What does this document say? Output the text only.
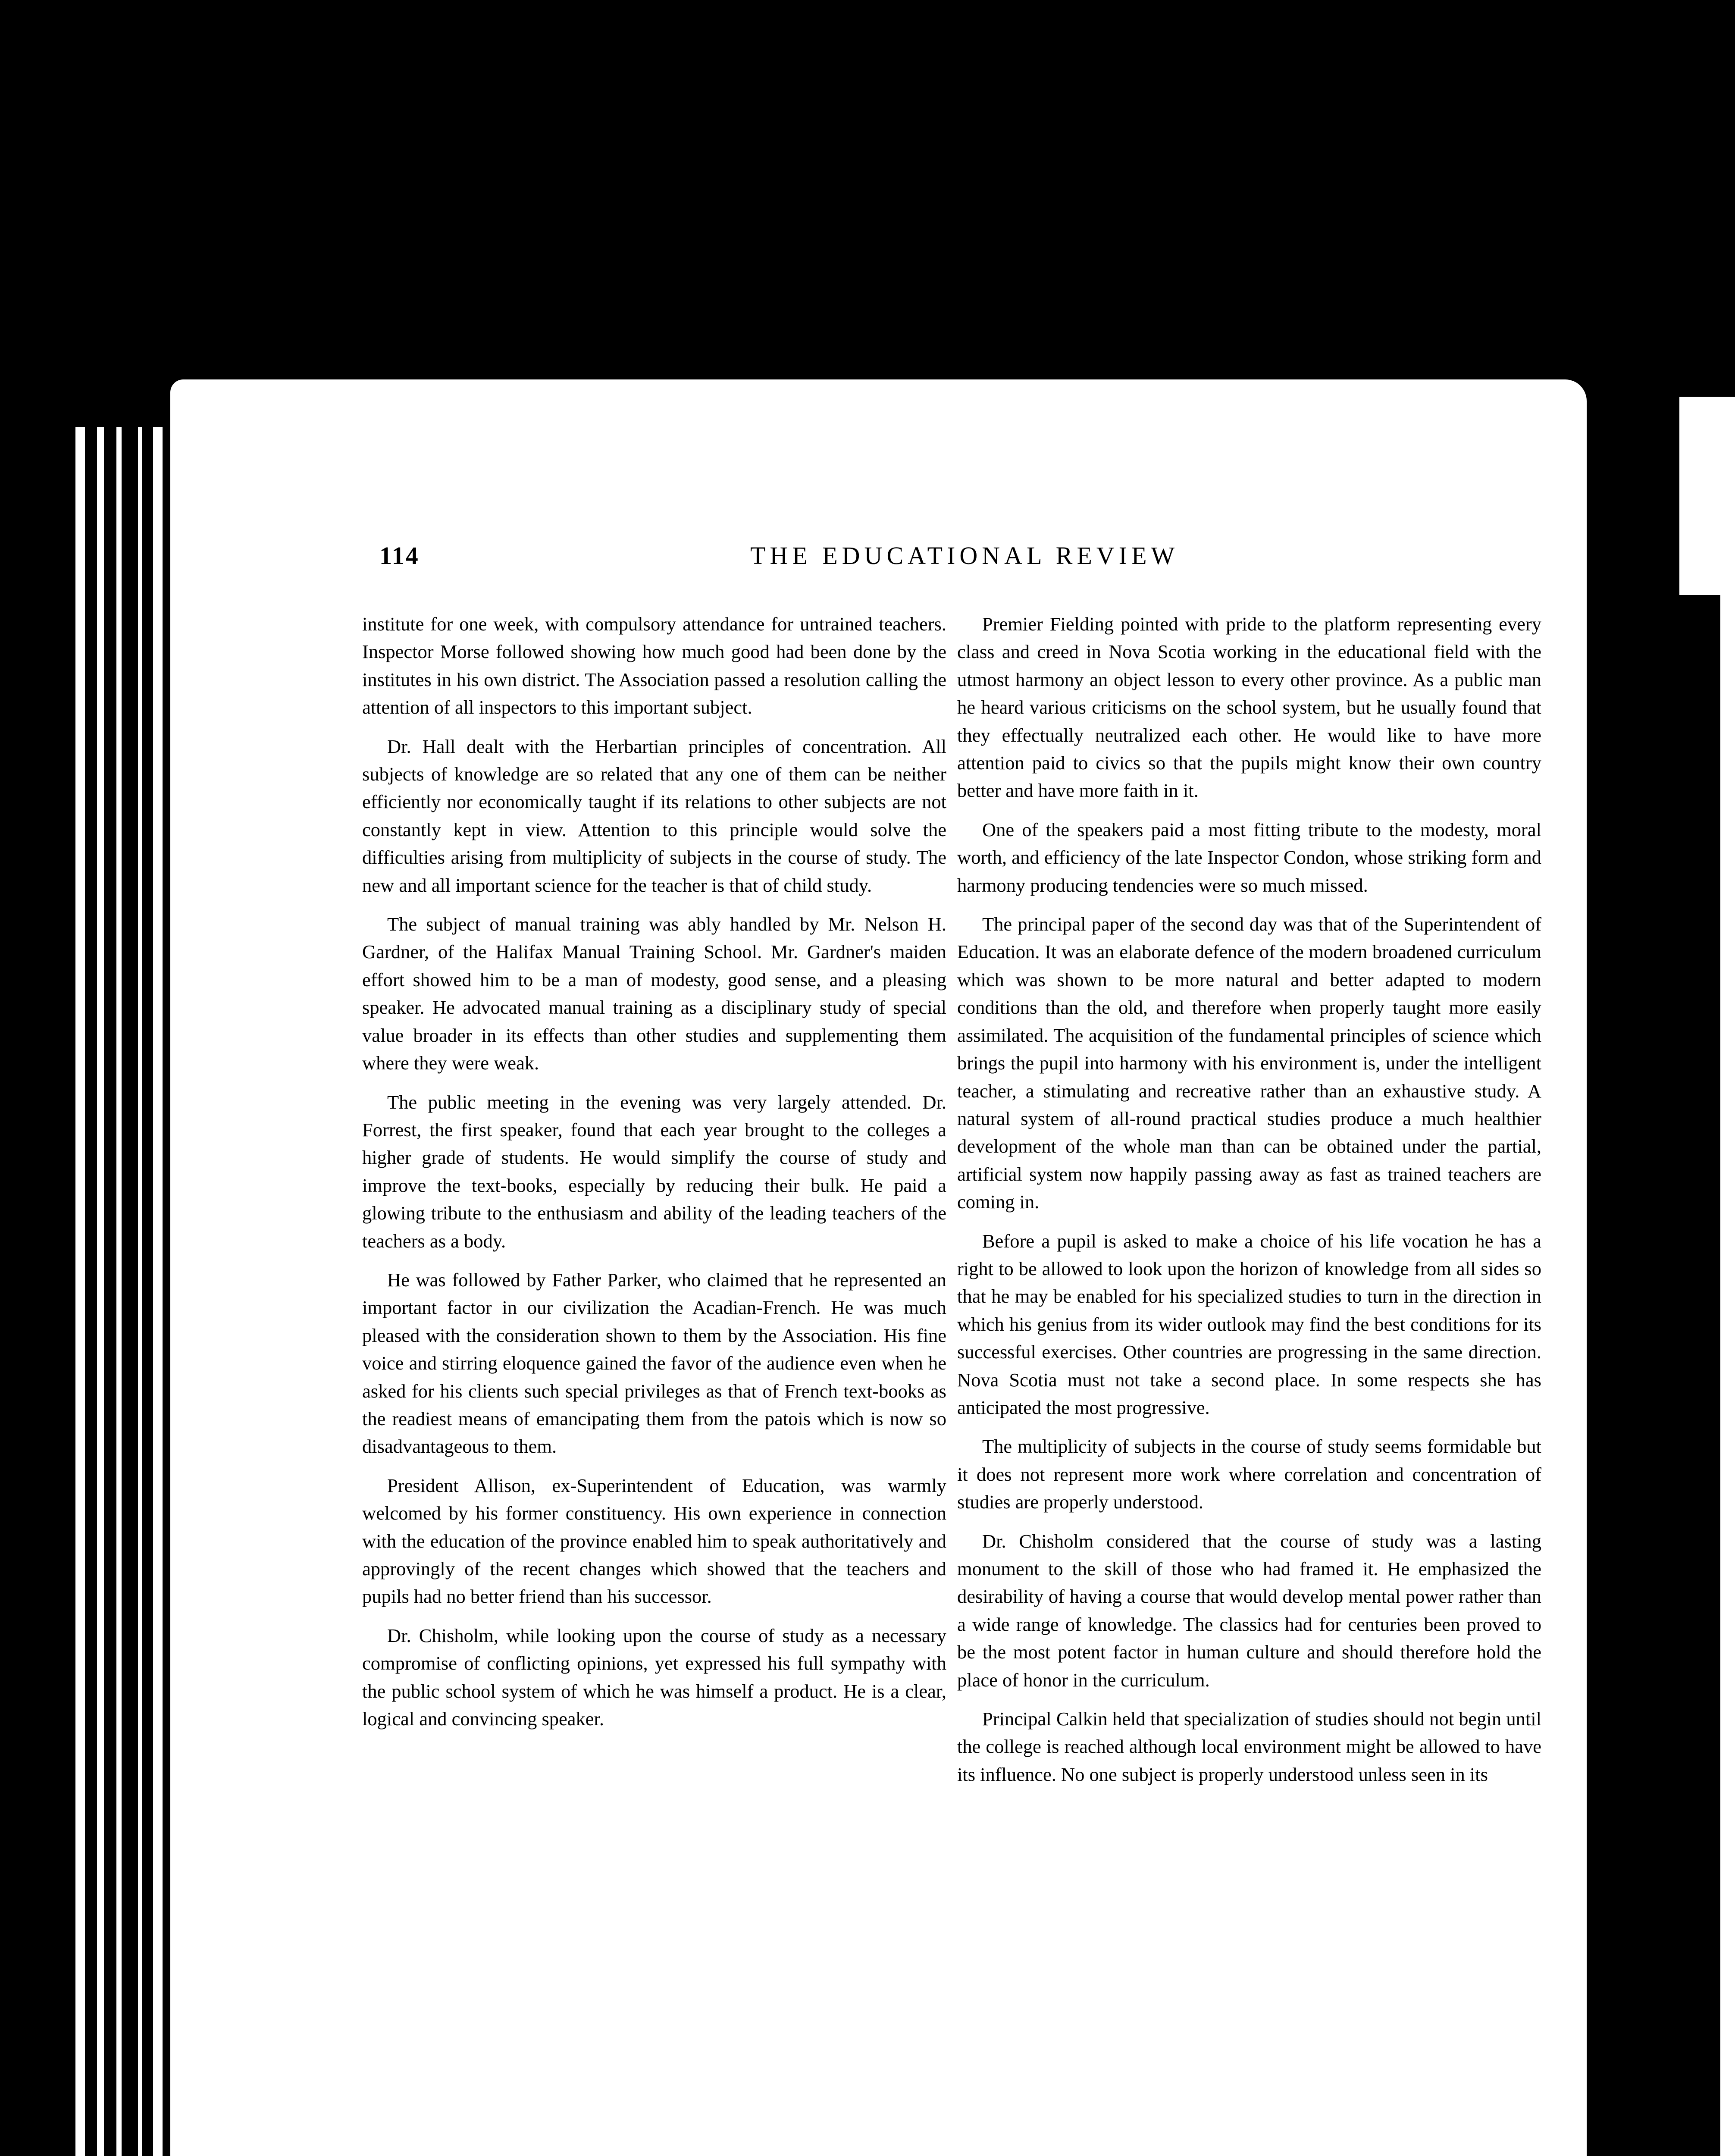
114	THE EDUCATIONAL REVIEW

institute for one week, with compulsory attendance for untrained teachers. Inspector Morse followed showing how much good had been done by the institutes in his own district. The Association passed a resolution calling the attention of all inspectors to this important subject.

Dr. Hall dealt with the Herbartian principles of concentration. All subjects of knowledge are so related that any one of them can be neither efficiently nor economically taught if its relations to other subjects are not constantly kept in view. Attention to this principle would solve the difficulties arising from multiplicity of subjects in the course of study. The new and all important science for the teacher is that of child study.

The subject of manual training was ably handled by Mr. Nelson H. Gardner, of the Halifax Manual Training School. Mr. Gardner's maiden effort showed him to be a man of modesty, good sense, and a pleasing speaker. He advocated manual training as a disciplinary study of special value broader in its effects than other studies and supplementing them where they were weak.

The public meeting in the evening was very largely attended. Dr. Forrest, the first speaker, found that each year brought to the colleges a higher grade of students. He would simplify the course of study and improve the text-books, especially by reducing their bulk. He paid a glowing tribute to the enthusiasm and ability of the leading teachers of the teachers as a body.

He was followed by Father Parker, who claimed that he represented an important factor in our civilization the Acadian-French. He was much pleased with the consideration shown to them by the Association. His fine voice and stirring eloquence gained the favor of the audience even when he asked for his clients such special privileges as that of French text-books as the readiest means of emancipating them from the patois which is now so disadvantageous to them.

President Allison, ex-Superintendent of Education, was warmly welcomed by his former constituency. His own experience in connection with the education of the province enabled him to speak authoritatively and approvingly of the recent changes which showed that the teachers and pupils had no better friend than his successor.

Dr. Chisholm, while looking upon the course of study as a necessary compromise of conflicting opinions, yet expressed his full sympathy with the public school system of which he was himself a product. He is a clear, logical and convincing speaker.

Premier Fielding pointed with pride to the platform representing every class and creed in Nova Scotia working in the educational field with the utmost harmony an object lesson to every other province. As a public man he heard various criticisms on the school system, but he usually found that they effectually neutralized each other. He would like to have more attention paid to civics so that the pupils might know their own country better and have more faith in it.

One of the speakers paid a most fitting tribute to the modesty, moral worth, and efficiency of the late Inspector Condon, whose striking form and harmony producing tendencies were so much missed.

The principal paper of the second day was that of the Superintendent of Education. It was an elaborate defence of the modern broadened curriculum which was shown to be more natural and better adapted to modern conditions than the old, and therefore when properly taught more easily assimilated. The acquisition of the fundamental principles of science which brings the pupil into harmony with his environment is, under the intelligent teacher, a stimulating and recreative rather than an exhaustive study. A natural system of all-round practical studies produce a much healthier development of the whole man than can be obtained under the partial, artificial system now happily passing away as fast as trained teachers are coming in.

Before a pupil is asked to make a choice of his life vocation he has a right to be allowed to look upon the horizon of knowledge from all sides so that he may be enabled for his specialized studies to turn in the direction in which his genius from its wider outlook may find the best conditions for its successful exercises. Other countries are progressing in the same direction. Nova Scotia must not take a second place. In some respects she has anticipated the most progressive.

The multiplicity of subjects in the course of study seems formidable but it does not represent more work where correlation and concentration of studies are properly understood.

Dr. Chisholm considered that the course of study was a lasting monument to the skill of those who had framed it. He emphasized the desirability of having a course that would develop mental power rather than a wide range of knowledge. The classics had for centuries been proved to be the most potent factor in human culture and should therefore hold the place of honor in the curriculum.

Principal Calkin held that specialization of studies should not begin until the college is reached although local environment might be allowed to have its influence. No one subject is properly understood unless seen in its
